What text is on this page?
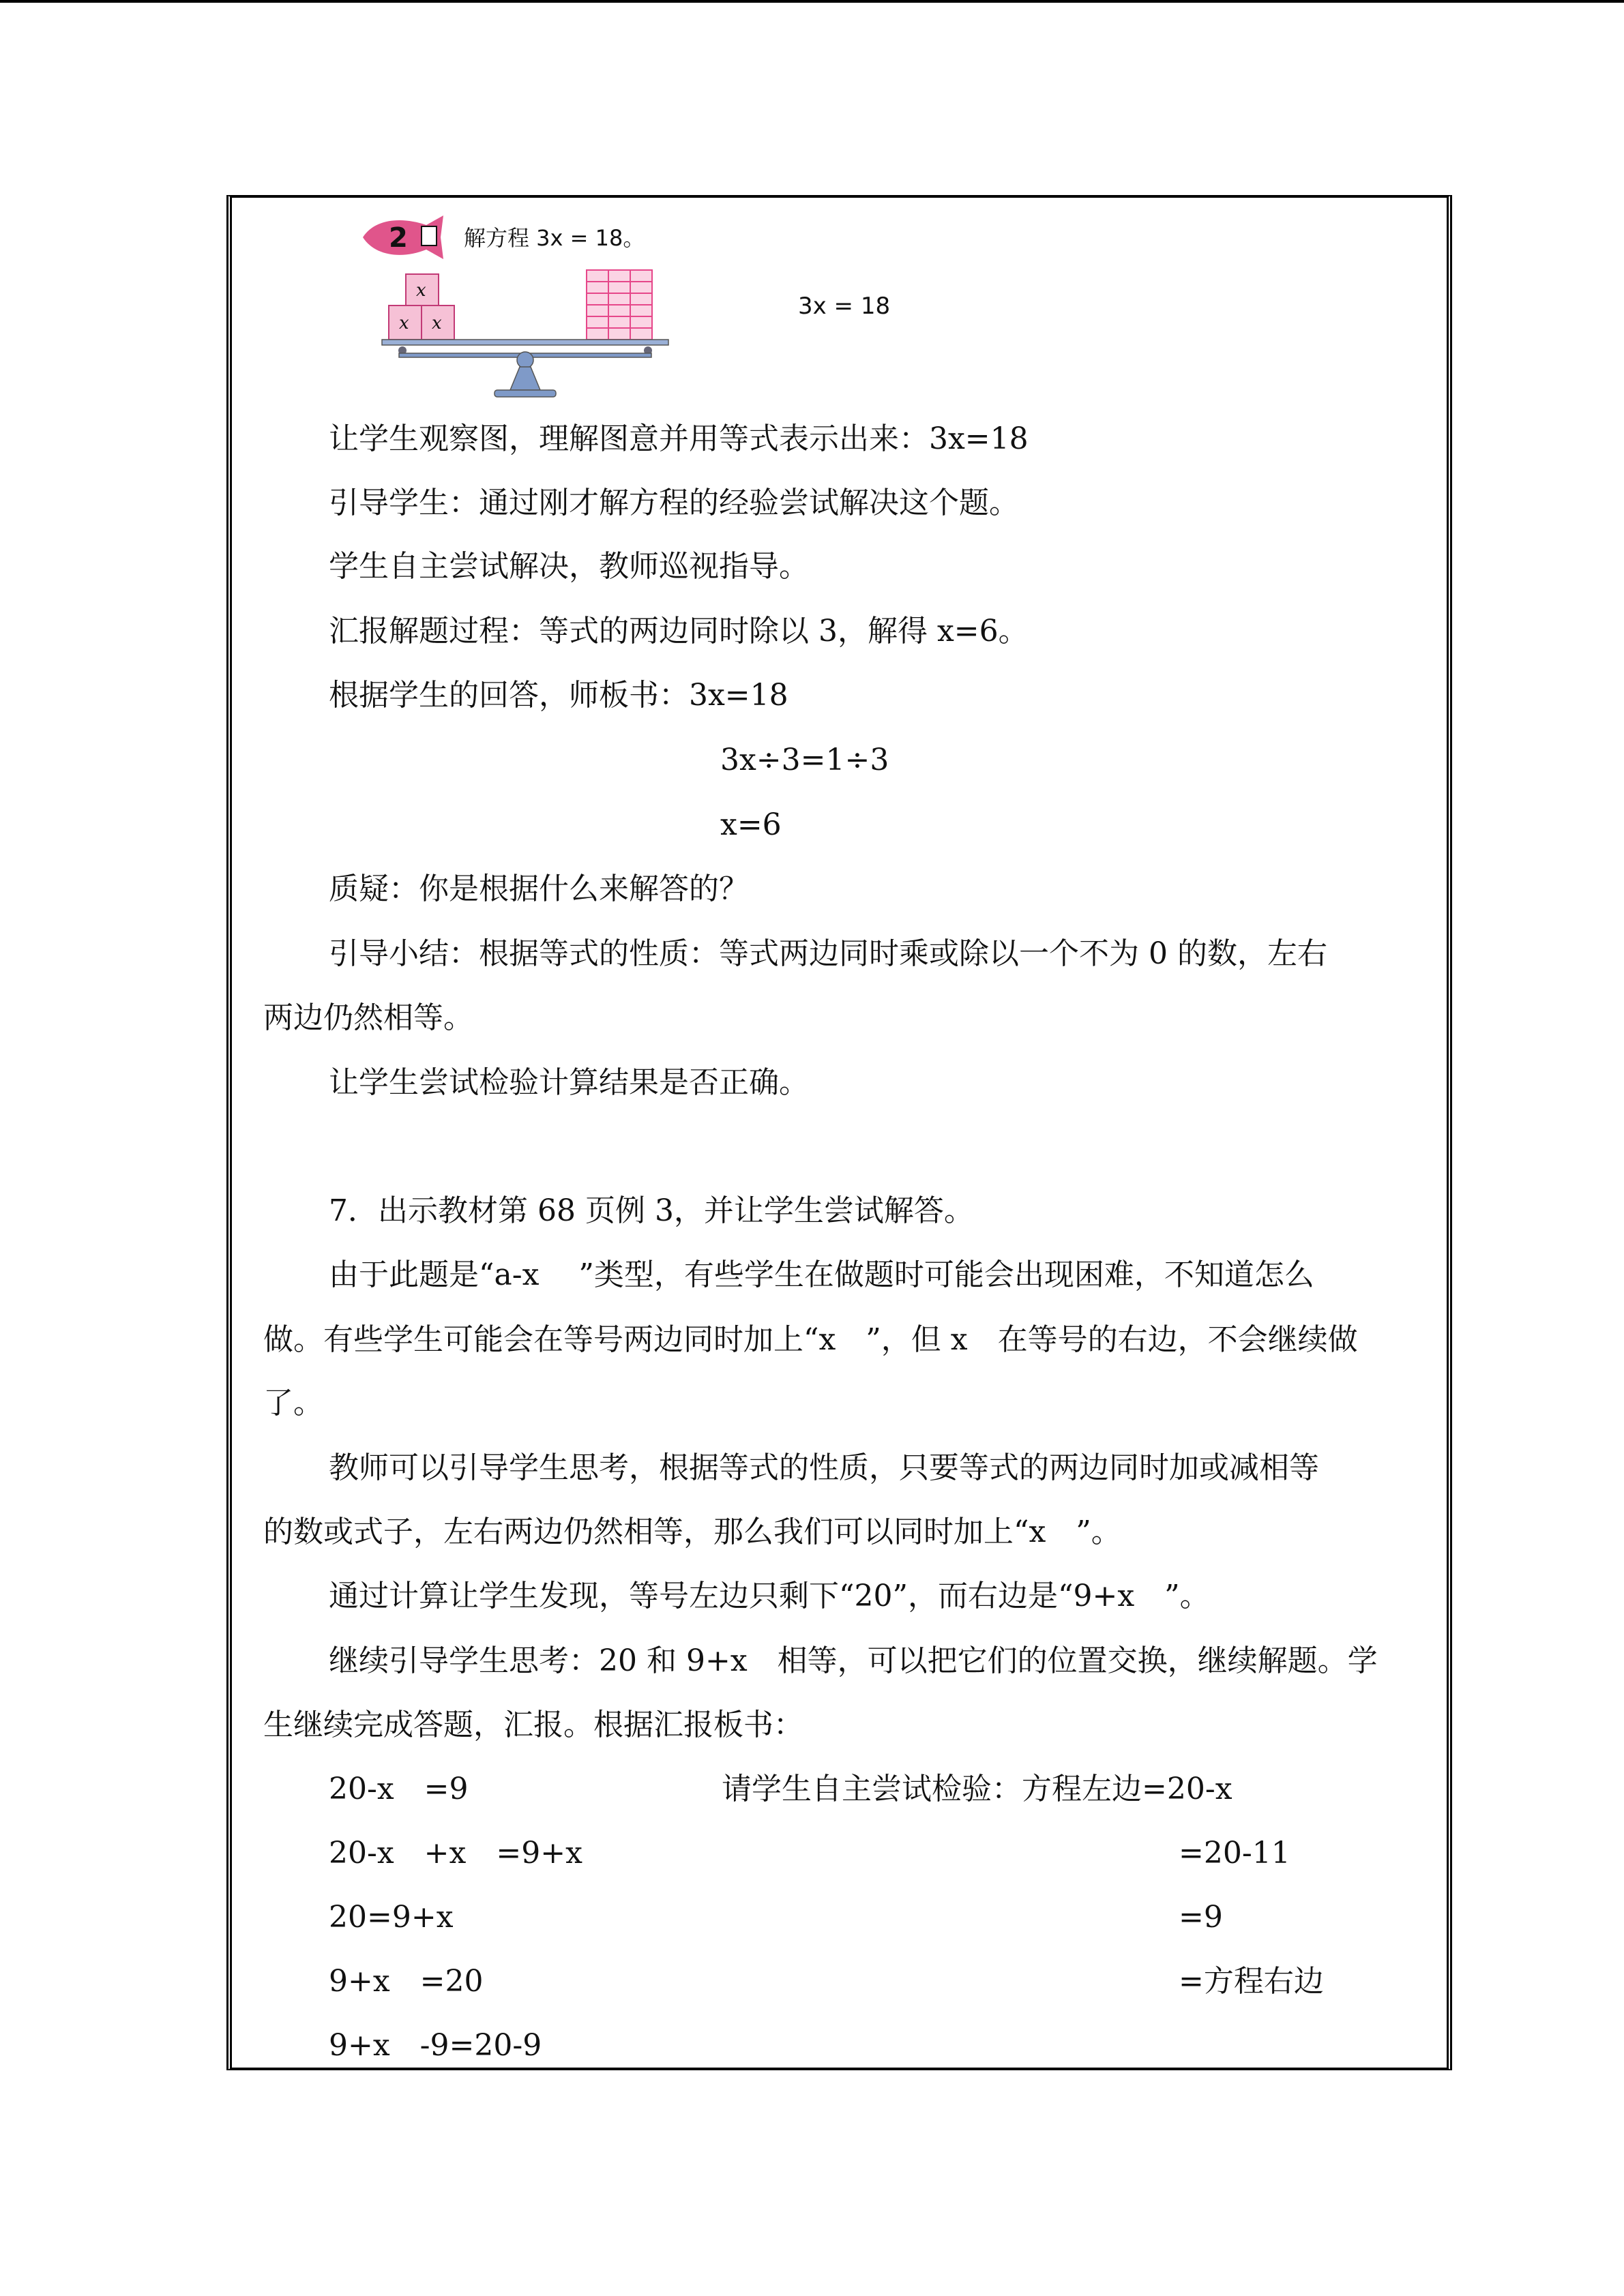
2	解方程 3x = 18。
x
x x
3x = 18
让学生观察图，理解图意并用等式表示出来：3x=18
引导学生：通过刚才解方程的经验尝试解决这个题。
学生自主尝试解决，教师巡视指导。
汇报解题过程：等式的两边同时除以 3，解得 x=6。
根据学生的回答，师板书：3x=18
3x÷3=1÷3
x=6
质疑：你是根据什么来解答的？
引导小结：根据等式的性质：等式两边同时乘或除以一个不为 0 的数，左右
两边仍然相等。
让学生尝试检验计算结果是否正确。
7．出示教材第 68 页例 3，并让学生尝试解答。
由于此题是“a-x　 ”类型，有些学生在做题时可能会出现困难，不知道怎么
做。有些学生可能会在等号两边同时加上“x　”，但 x　在等号的右边，不会继续做
了。
教师可以引导学生思考，根据等式的性质，只要等式的两边同时加或减相等
的数或式子，左右两边仍然相等，那么我们可以同时加上“x　”。
通过计算让学生发现，等号左边只剩下“20”，而右边是“9+x　”。
继续引导学生思考：20 和 9+x　相等，可以把它们的位置交换，继续解题。学
生继续完成答题，汇报。根据汇报板书：
20-x　=9
20-x　+x　=9+x
20=9+x
9+x　=20
9+x　-9=20-9
请学生自主尝试检验：方程左边=20-x
=20-11
=9
=方程右边
